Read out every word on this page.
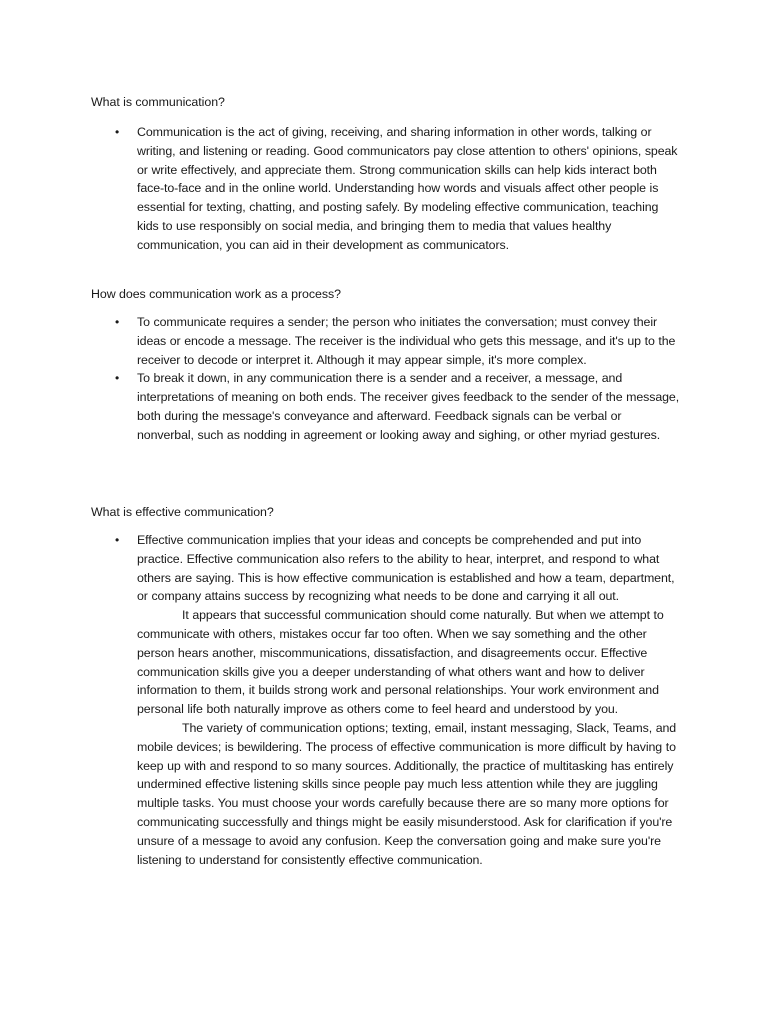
What is communication?
• Communication is the act of giving, receiving, and sharing information in other words, talking or writing, and listening or reading. Good communicators pay close attention to others' opinions, speak or write effectively, and appreciate them. Strong communication skills can help kids interact both face-to-face and in the online world. Understanding how words and visuals affect other people is essential for texting, chatting, and posting safely. By modeling effective communication, teaching kids to use responsibly on social media, and bringing them to media that values healthy communication, you can aid in their development as communicators.
How does communication work as a process?
• To communicate requires a sender; the person who initiates the conversation; must convey their ideas or encode a message. The receiver is the individual who gets this message, and it's up to the receiver to decode or interpret it. Although it may appear simple, it's more complex.
• To break it down, in any communication there is a sender and a receiver, a message, and interpretations of meaning on both ends. The receiver gives feedback to the sender of the message, both during the message's conveyance and afterward. Feedback signals can be verbal or nonverbal, such as nodding in agreement or looking away and sighing, or other myriad gestures.
What is effective communication?
• Effective communication implies that your ideas and concepts be comprehended and put into practice. Effective communication also refers to the ability to hear, interpret, and respond to what others are saying. This is how effective communication is established and how a team, department, or company attains success by recognizing what needs to be done and carrying it all out.
It appears that successful communication should come naturally. But when we attempt to communicate with others, mistakes occur far too often. When we say something and the other person hears another, miscommunications, dissatisfaction, and disagreements occur. Effective communication skills give you a deeper understanding of what others want and how to deliver information to them, it builds strong work and personal relationships. Your work environment and personal life both naturally improve as others come to feel heard and understood by you.
The variety of communication options; texting, email, instant messaging, Slack, Teams, and mobile devices; is bewildering. The process of effective communication is more difficult by having to keep up with and respond to so many sources. Additionally, the practice of multitasking has entirely undermined effective listening skills since people pay much less attention while they are juggling multiple tasks. You must choose your words carefully because there are so many more options for communicating successfully and things might be easily misunderstood. Ask for clarification if you're unsure of a message to avoid any confusion. Keep the conversation going and make sure you're listening to understand for consistently effective communication.
